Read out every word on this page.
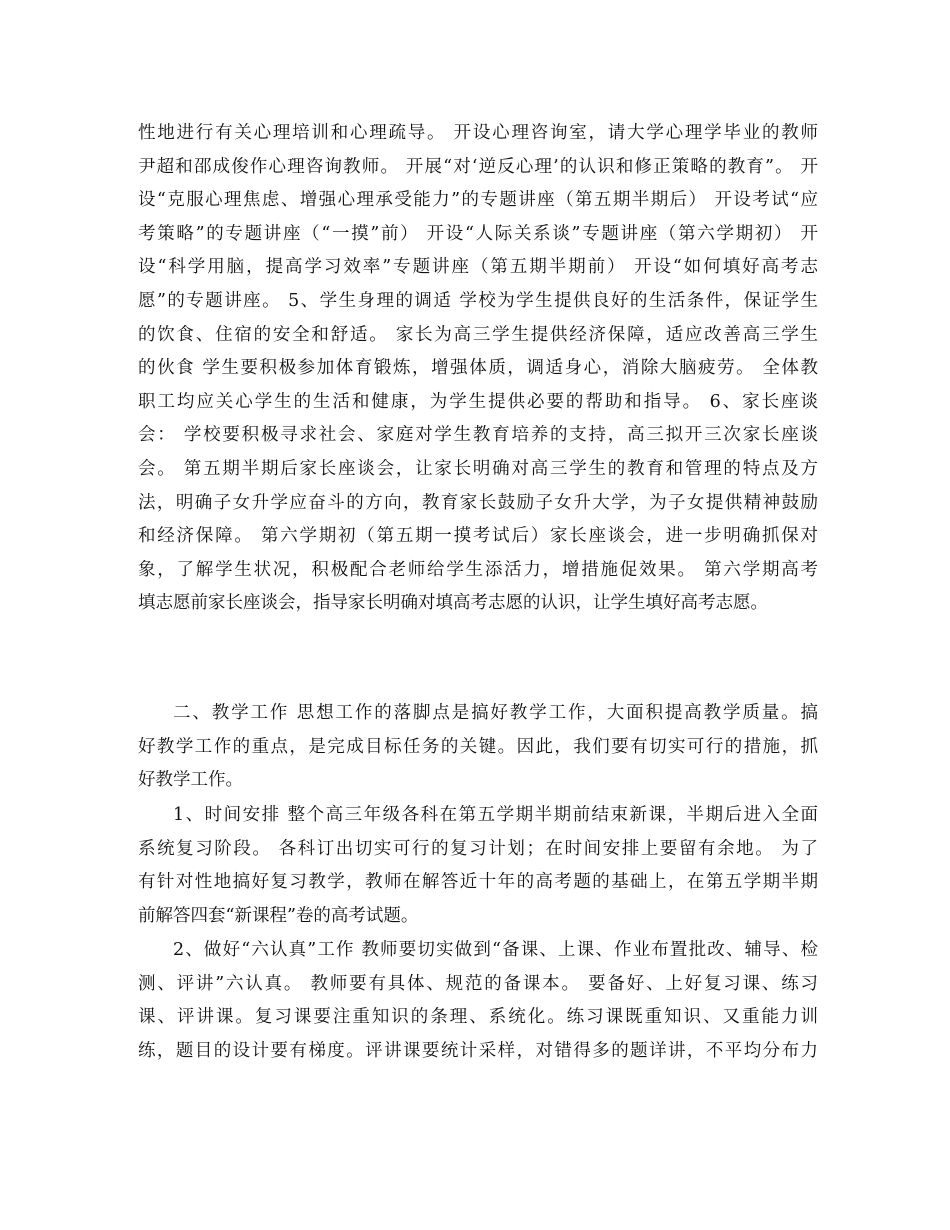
性地进行有关心理培训和心理疏导。 开设心理咨询室，请大学心理学毕业的教师
尹超和邵成俊作心理咨询教师。 开展“对‘逆反心理’的认识和修正策略的教育”。 开
设“克服心理焦虑、增强心理承受能力”的专题讲座（第五期半期后） 开设考试“应
考策略”的专题讲座（“一摸”前） 开设“人际关系谈”专题讲座（第六学期初） 开
设“科学用脑，提高学习效率”专题讲座（第五期半期前） 开设“如何填好高考志
愿”的专题讲座。 5、学生身理的调适 学校为学生提供良好的生活条件，保证学生
的饮食、住宿的安全和舒适。 家长为高三学生提供经济保障，适应改善高三学生
的伙食 学生要积极参加体育锻炼，增强体质，调适身心，消除大脑疲劳。 全体教
职工均应关心学生的生活和健康，为学生提供必要的帮助和指导。 6、家长座谈
会： 学校要积极寻求社会、家庭对学生教育培养的支持，高三拟开三次家长座谈
会。 第五期半期后家长座谈会，让家长明确对高三学生的教育和管理的特点及方
法，明确子女升学应奋斗的方向，教育家长鼓励子女升大学，为子女提供精神鼓励
和经济保障。 第六学期初（第五期一摸考试后）家长座谈会，进一步明确抓保对
象，了解学生状况，积极配合老师给学生添活力，增措施促效果。 第六学期高考
填志愿前家长座谈会，指导家长明确对填高考志愿的认识，让学生填好高考志愿。
二、教学工作 思想工作的落脚点是搞好教学工作，大面积提高教学质量。搞
好教学工作的重点，是完成目标任务的关键。因此，我们要有切实可行的措施，抓
好教学工作。
1、时间安排 整个高三年级各科在第五学期半期前结束新课，半期后进入全面
系统复习阶段。 各科订出切实可行的复习计划；在时间安排上要留有余地。 为了
有针对性地搞好复习教学，教师在解答近十年的高考题的基础上，在第五学期半期
前解答四套“新课程”卷的高考试题。
2、做好“六认真”工作 教师要切实做到“备课、上课、作业布置批改、辅导、检
测、评讲”六认真。 教师要有具体、规范的备课本。 要备好、上好复习课、练习
课、评讲课。复习课要注重知识的条理、系统化。练习课既重知识、又重能力训
练，题目的设计要有梯度。评讲课要统计采样，对错得多的题详讲，不平均分布力
